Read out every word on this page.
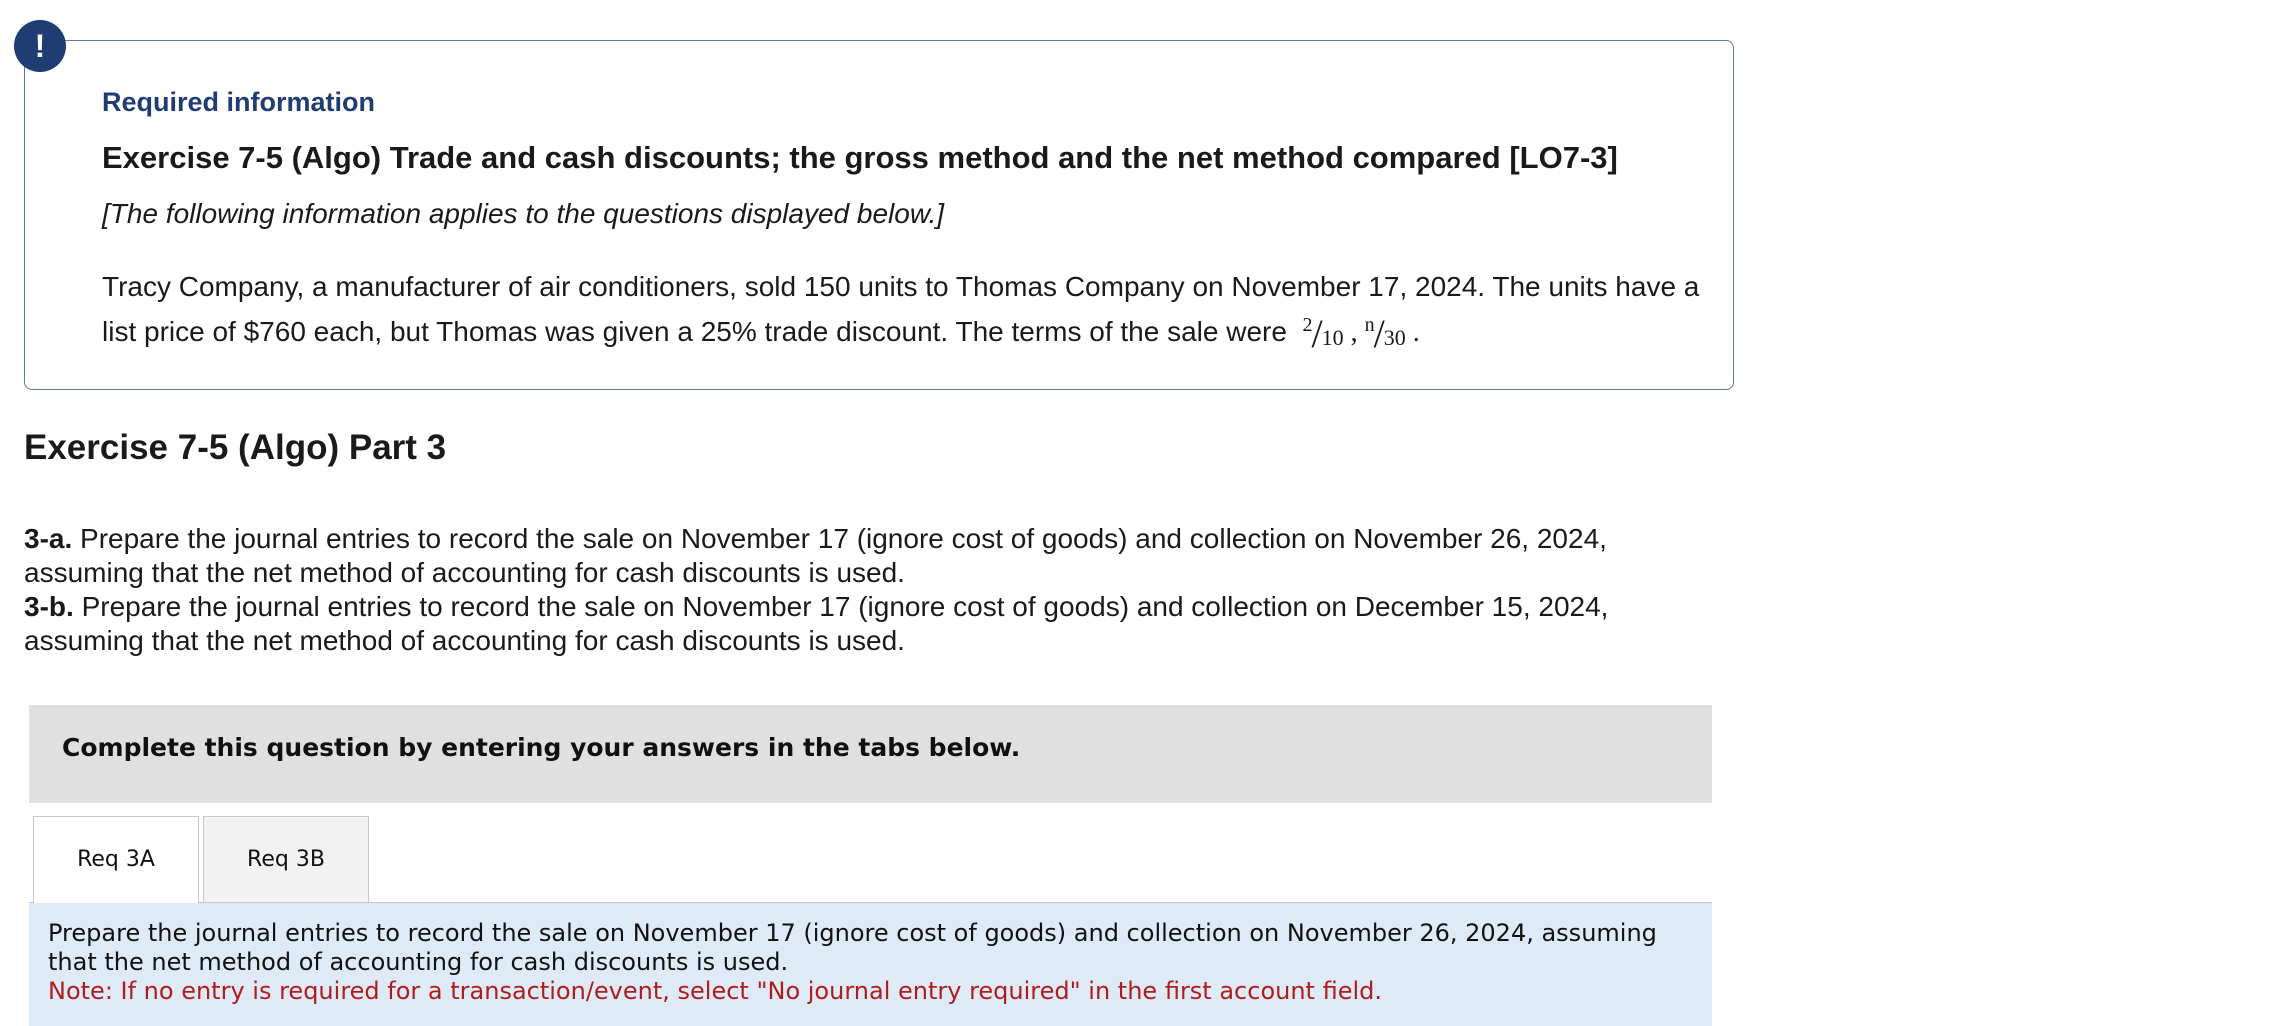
!
Required information
Exercise 7-5 (Algo) Trade and cash discounts; the gross method and the net method compared [LO7-3]
[The following information applies to the questions displayed below.]

Tracy Company, a manufacturer of air conditioners, sold 150 units to Thomas Company on November 17, 2024. The units have a list price of $760 each, but Thomas was given a 25% trade discount. The terms of the sale were $^2/_{10}$ , $^n/_{30}$ .

Exercise 7-5 (Algo) Part 3

3-a. Prepare the journal entries to record the sale on November 17 (ignore cost of goods) and collection on November 26, 2024, assuming that the net method of accounting for cash discounts is used.

3-b. Prepare the journal entries to record the sale on November 17 (ignore cost of goods) and collection on December 15, 2024, assuming that the net method of accounting for cash discounts is used.

Complete this question by entering your answers in the tabs below.
Req 3A	Req 3B

Prepare the journal entries to record the sale on November 17 (ignore cost of goods) and collection on November 26, 2024, assuming that the net method of accounting for cash discounts is used.

Note: If no entry is required for a transaction/event, select "No journal entry required" in the first account field.
